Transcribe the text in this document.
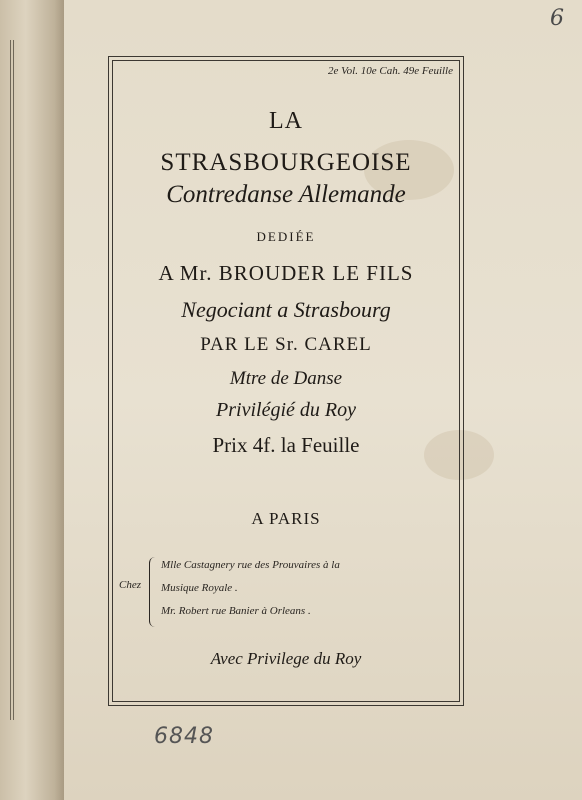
6
2e Vol. 10e Cah. 49e Feuille
LA
STRASBOURGEOISE
Contredanse Allemande
DEDIÉE
A Mr. BROUDER LE FILS
Negociant a Strasbourg
PAR LE Sr. CAREL
Mtre de Danse
Privilégié du Roy
Prix 4f. la Feuille
A PARIS
Chez
Mlle Castagnery rue des Prouvaires à la
Musique Royale .
Mr. Robert rue Banier à Orleans .
Avec Privilege du Roy
6848
